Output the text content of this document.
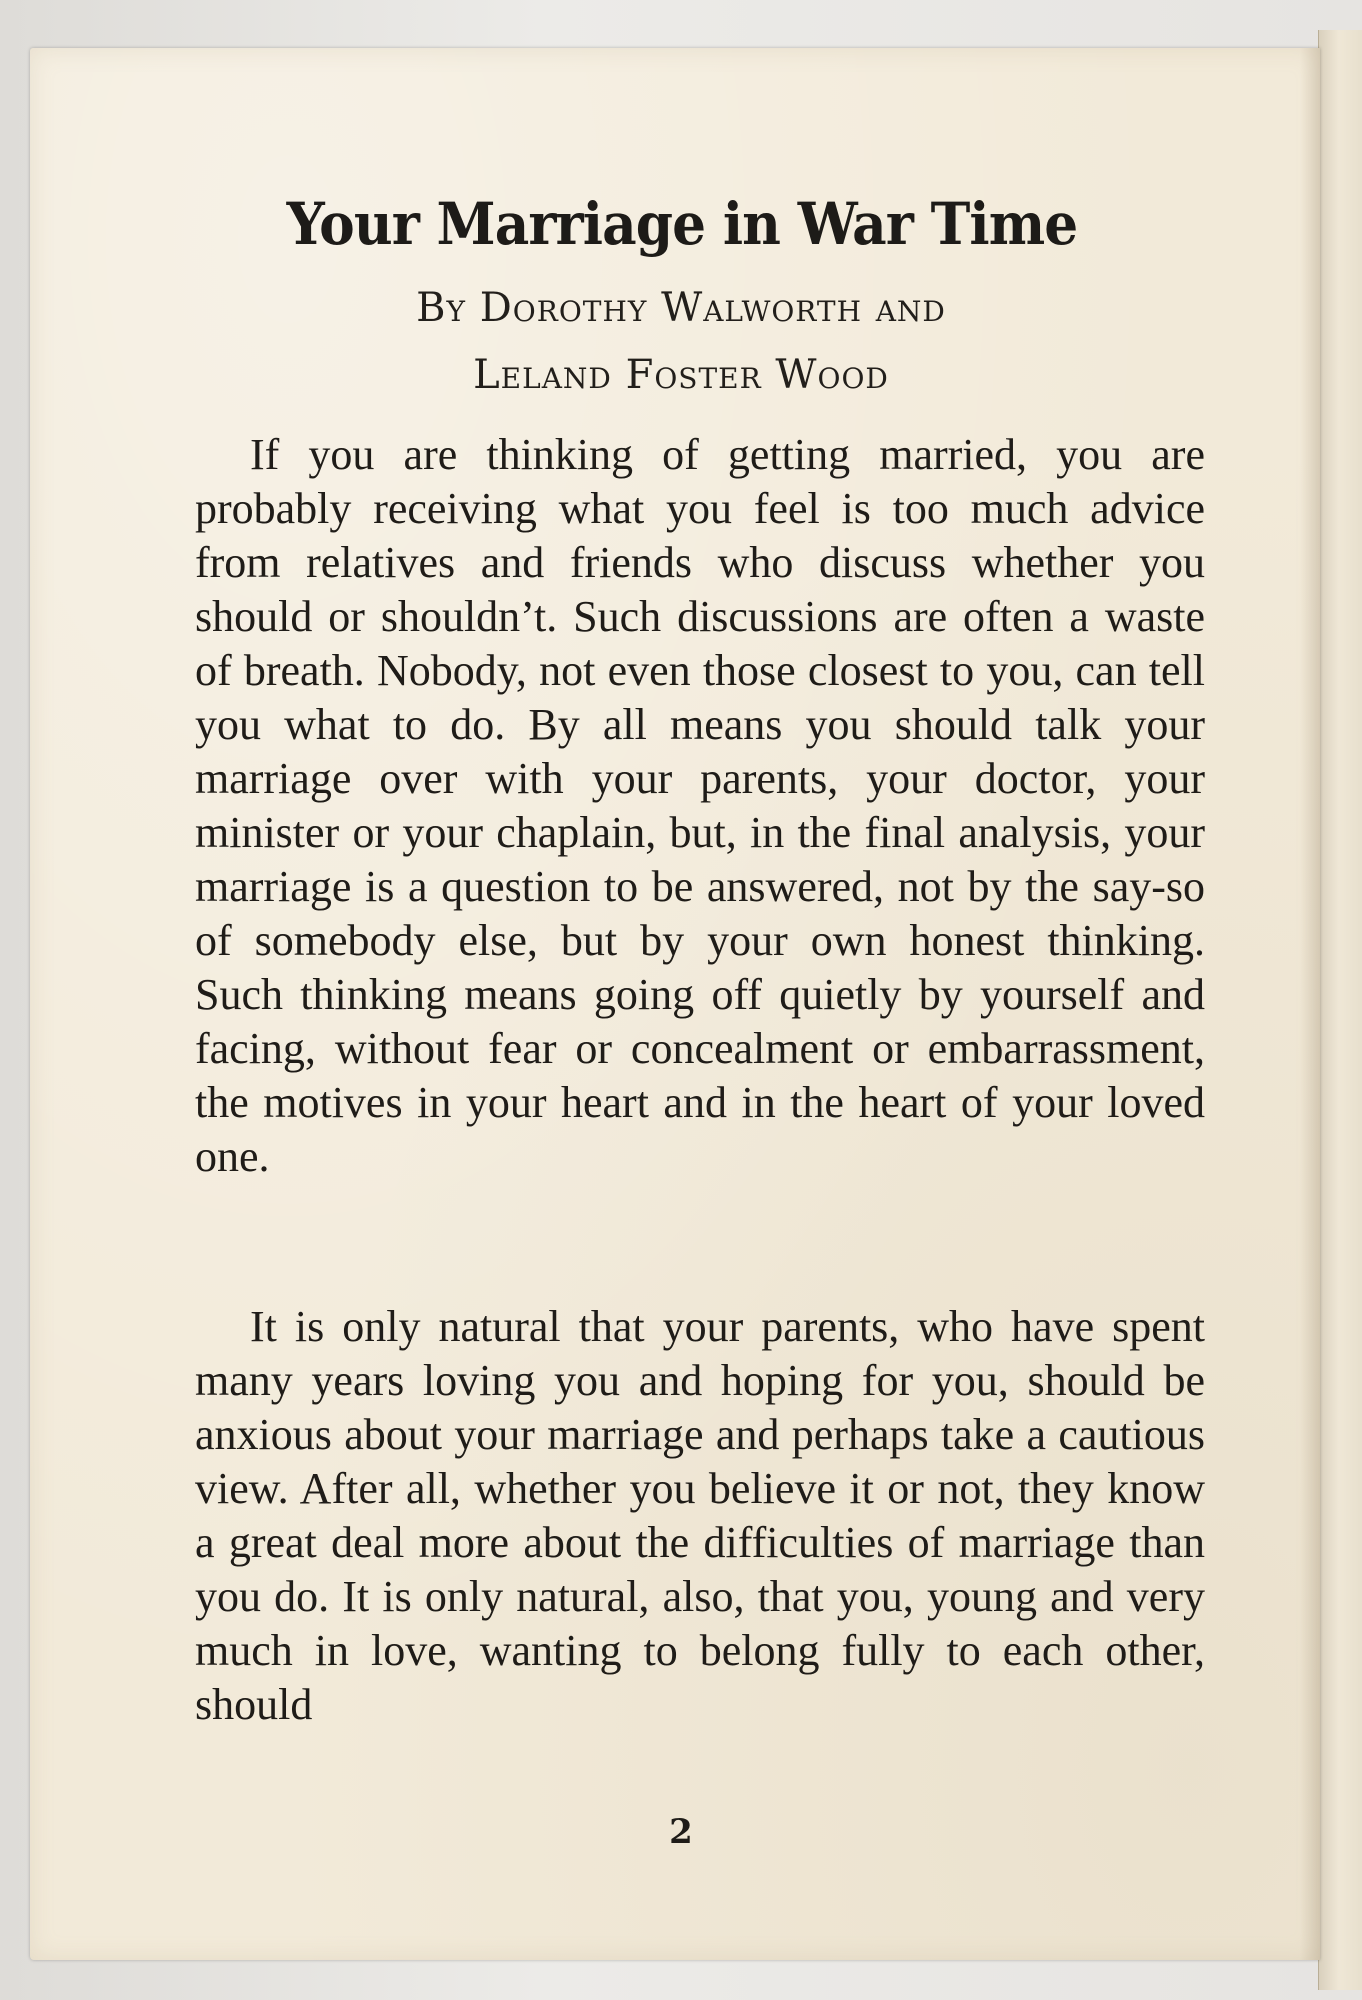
Your Marriage in War Time

By Dorothy Walworth and

Leland Foster Wood

If you are thinking of getting married, you are probably receiving what you feel is too much advice from relatives and friends who discuss whether you should or shouldn’t. Such discussions are often a waste of breath. Nobody, not even those closest to you, can tell you what to do. By all means you should talk your marriage over with your parents, your doctor, your minister or your chaplain, but, in the final analysis, your marriage is a question to be answered, not by the say-so of somebody else, but by your own honest thinking. Such thinking means going off quietly by yourself and facing, without fear or concealment or embarrassment, the motives in your heart and in the heart of your loved one.

It is only natural that your parents, who have spent many years loving you and hoping for you, should be anxious about your marriage and perhaps take a cautious view. After all, whether you believe it or not, they know a great deal more about the difficulties of marriage than you do. It is only natural, also, that you, young and very much in love, wanting to belong fully to each other, should

2
